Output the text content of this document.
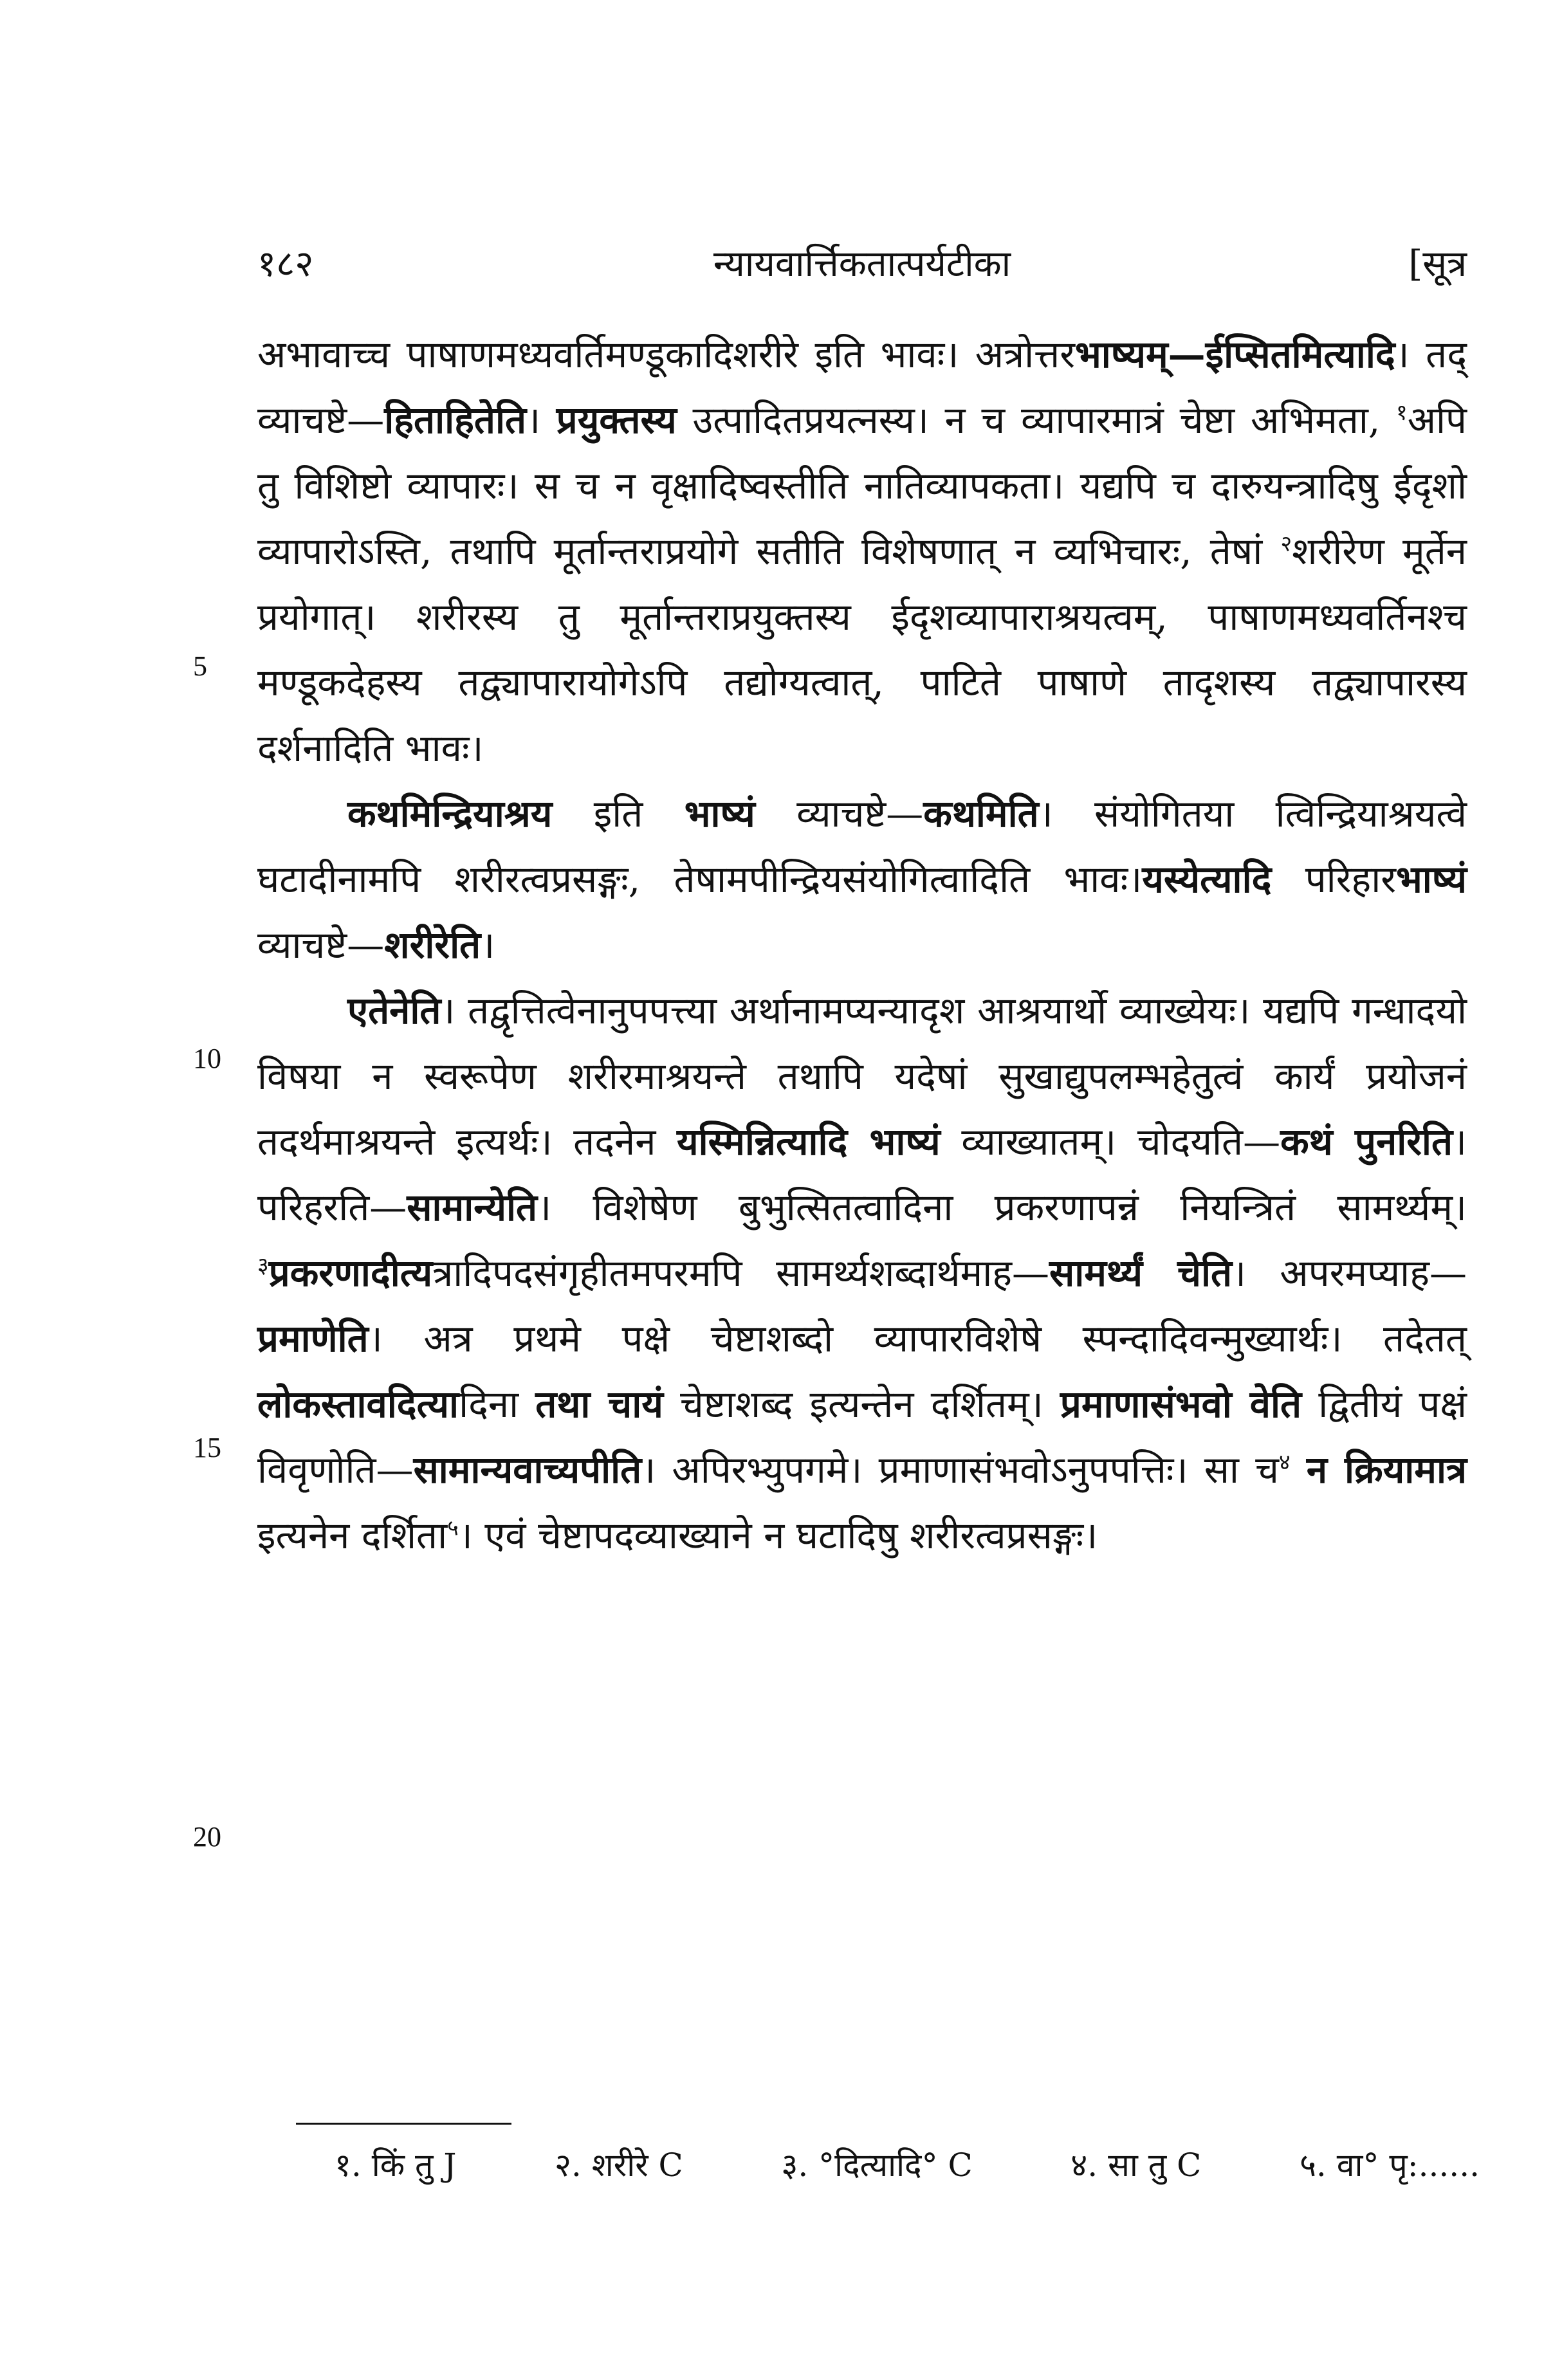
१८२	न्यायवार्त्तिकतात्पर्यटीका	[सूत्र
5
10
15
20

अभावाच्च पाषाणमध्यवर्तिमण्डूकादिशरीरे इति भावः। अत्रोत्तरभाष्यम्—ईप्सितमित्यादि। तद् व्याचष्टे—हिताहितेति। प्रयुक्तस्य उत्पादितप्रयत्नस्य। न च व्यापारमात्रं चेष्टा अभिमता, $^१$अपि तु विशिष्टो व्यापारः। स च न वृक्षादिष्वस्तीति नातिव्यापकता। यद्यपि च दारुयन्त्रादिषु ईदृशो व्यापारोऽस्ति, तथापि मूर्तान्तराप्रयोगे सतीति विशेषणात् न व्यभिचारः, तेषां $^२$शरीरेण मूर्तेन प्रयोगात्। शरीरस्य तु मूर्तान्तराप्रयुक्तस्य ईदृशव्यापाराश्रयत्वम्, पाषाणमध्यवर्तिनश्च मण्डूकदेहस्य तद्व्यापारायोगेऽपि तद्योग्यत्वात्, पाटिते पाषाणे तादृशस्य तद्व्यापारस्य दर्शनादिति भावः।

कथमिन्द्रियाश्रय इति भाष्यं व्याचष्टे—कथमिति। संयोगितया त्विन्द्रियाश्रयत्वे घटादीनामपि शरीरत्वप्रसङ्गः, तेषामपीन्द्रियसंयोगित्वादिति भावः।यस्येत्यादि परिहारभाष्यं व्याचष्टे—शरीरेति।

एतेनेति। तद्वृत्तित्वेनानुपपत्त्या अर्थानामप्यन्यादृश आश्रयार्थो व्याख्येयः। यद्यपि गन्धादयो विषया न स्वरूपेण शरीरमाश्रयन्ते तथापि यदेषां सुखाद्युपलम्भहेतुत्वं कार्यं प्रयोजनं तदर्थमाश्रयन्ते इत्यर्थः। तदनेन यस्मिन्नित्यादि भाष्यं व्याख्यातम्। चोदयति—कथं पुनरिति। परिहरति—सामान्येति। विशेषेण बुभुत्सितत्वादिना प्रकरणापन्नं नियन्त्रितं सामर्थ्यम्। $^३$प्रकरणादीत्यत्रादिपदसंगृहीतमपरमपि सामर्थ्यशब्दार्थमाह—सामर्थ्यं चेति। अपरमप्याह—प्रमाणेति। अत्र प्रथमे पक्षे चेष्टाशब्दो व्यापारविशेषे स्पन्दादिवन्मुख्यार्थः। तदेतत् लोकस्तावदित्यादिना तथा चायं चेष्टाशब्द इत्यन्तेन दर्शितम्। प्रमाणासंभवो वेति द्वितीयं पक्षं विवृणोति—सामान्यवाच्यपीति। अपिरभ्युपगमे। प्रमाणासंभवोऽनुपपत्तिः। सा च$^४$ न क्रियामात्र इत्यनेन दर्शिता$^५$। एवं चेष्टापदव्याख्याने न घटादिषु शरीरत्वप्रसङ्गः।

१. किं तु J	२. शरीरे C	३. °दित्यादि° C	४. सा तु C	५. वा° पृ:......
